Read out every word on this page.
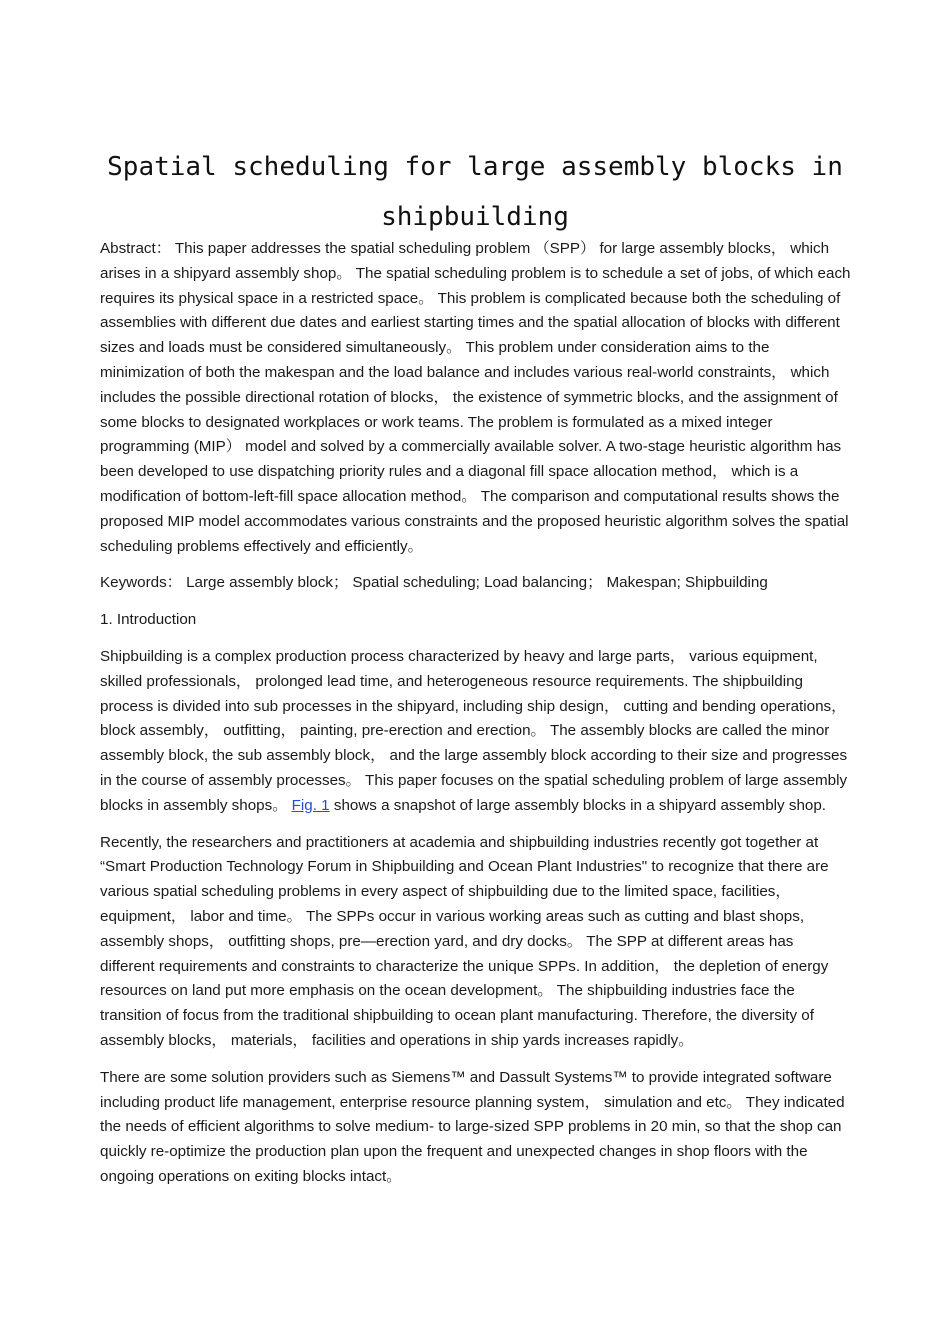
Spatial scheduling for large assembly blocks in shipbuilding

Abstract： This paper addresses the spatial scheduling problem （SPP） for large assembly blocks， which arises in a shipyard assembly shop。 The spatial scheduling problem is to schedule a set of jobs, of which each requires its physical space in a restricted space。 This problem is complicated because both the scheduling of assemblies with different due dates and earliest starting times and the spatial allocation of blocks with different sizes and loads must be considered simultaneously。 This problem under consideration aims to the minimization of both the makespan and the load balance and includes various real-world constraints， which includes the possible directional rotation of blocks， the existence of symmetric blocks, and the assignment of some blocks to designated workplaces or work teams. The problem is formulated as a mixed integer programming (MIP） model and solved by a commercially available solver. A two-stage heuristic algorithm has been developed to use dispatching priority rules and a diagonal fill space allocation method， which is a modification of bottom-left-fill space allocation method。 The comparison and computational results shows the proposed MIP model accommodates various constraints and the proposed heuristic algorithm solves the spatial scheduling problems effectively and efficiently。

Keywords： Large assembly block； Spatial scheduling; Load balancing； Makespan; Shipbuilding

1. Introduction

Shipbuilding is a complex production process characterized by heavy and large parts， various equipment, skilled professionals， prolonged lead time, and heterogeneous resource requirements. The shipbuilding process is divided into sub processes in the shipyard, including ship design， cutting and bending operations， block assembly， outfitting， painting, pre-erection and erection。 The assembly blocks are called the minor assembly block, the sub assembly block， and the large assembly block according to their size and progresses in the course of assembly processes。 This paper focuses on the spatial scheduling problem of large assembly blocks in assembly shops。 Fig. 1 shows a snapshot of large assembly blocks in a shipyard assembly shop.

Recently, the researchers and practitioners at academia and shipbuilding industries recently got together at “Smart Production Technology Forum in Shipbuilding and Ocean Plant Industries" to recognize that there are various spatial scheduling problems in every aspect of shipbuilding due to the limited space, facilities， equipment， labor and time。 The SPPs occur in various working areas such as cutting and blast shops, assembly shops， outfitting shops, pre—erection yard, and dry docks。 The SPP at different areas has different requirements and constraints to characterize the unique SPPs. In addition， the depletion of energy resources on land put more emphasis on the ocean development。 The shipbuilding industries face the transition of focus from the traditional shipbuilding to ocean plant manufacturing. Therefore, the diversity of assembly blocks， materials， facilities and operations in ship yards increases rapidly。

There are some solution providers such as Siemens™ and Dassult Systems™ to provide integrated software including product life management, enterprise resource planning system， simulation and etc。 They indicated the needs of efficient algorithms to solve medium- to large-sized SPP problems in 20 min, so that the shop can quickly re-optimize the production plan upon the frequent and unexpected changes in shop floors with the ongoing operations on exiting blocks intact。
